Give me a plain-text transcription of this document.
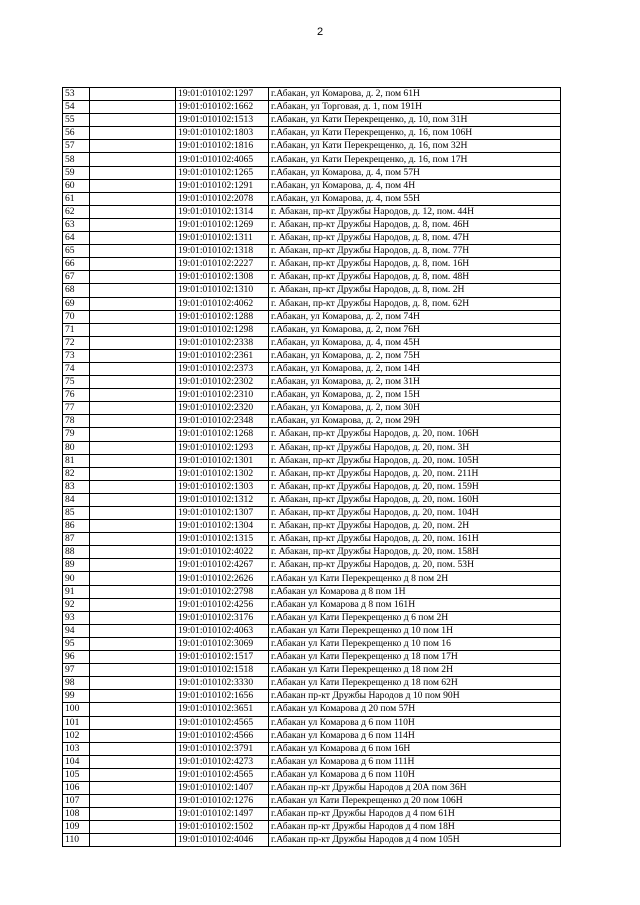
2
53		19:01:010102:1297	г.Абакан, ул Комарова, д. 2, пом 61Н
54		19:01:010102:1662	г.Абакан, ул Торговая, д. 1, пом 191Н
55		19:01:010102:1513	г.Абакан, ул Кати Перекрещенко, д. 10, пом 31Н
56		19:01:010102:1803	г.Абакан, ул Кати Перекрещенко, д. 16, пом 106Н
57		19:01:010102:1816	г.Абакан, ул Кати Перекрещенко, д. 16, пом 32Н
58		19:01:010102:4065	г.Абакан, ул Кати Перекрещенко, д. 16, пом 17Н
59		19:01:010102:1265	г.Абакан, ул Комарова, д. 4, пом 57Н
60		19:01:010102:1291	г.Абакан, ул Комарова, д. 4, пом 4Н
61		19:01:010102:2078	г.Абакан, ул Комарова, д. 4, пом 55Н
62		19:01:010102:1314	г. Абакан, пр-кт Дружбы Народов, д. 12, пом. 44Н
63		19:01:010102:1269	г. Абакан, пр-кт Дружбы Народов, д. 8, пом. 46Н
64		19:01:010102:1311	г. Абакан, пр-кт Дружбы Народов, д. 8, пом. 47Н
65		19:01:010102:1318	г. Абакан, пр-кт Дружбы Народов, д. 8, пом. 77Н
66		19:01:010102:2227	г. Абакан, пр-кт Дружбы Народов, д. 8, пом. 16Н
67		19:01:010102:1308	г. Абакан, пр-кт Дружбы Народов, д. 8, пом. 48Н
68		19:01:010102:1310	г. Абакан, пр-кт Дружбы Народов, д. 8, пом. 2Н
69		19:01:010102:4062	г. Абакан, пр-кт Дружбы Народов, д. 8, пом. 62Н
70		19:01:010102:1288	г.Абакан, ул Комарова, д. 2, пом 74Н
71		19:01:010102:1298	г.Абакан, ул Комарова, д. 2, пом 76Н
72		19:01:010102:2338	г.Абакан, ул Комарова, д. 4, пом 45Н
73		19:01:010102:2361	г.Абакан, ул Комарова, д. 2, пом 75Н
74		19:01:010102:2373	г.Абакан, ул Комарова, д. 2, пом 14Н
75		19:01:010102:2302	г.Абакан, ул Комарова, д. 2, пом 31Н
76		19:01:010102:2310	г.Абакан, ул Комарова, д. 2, пом 15Н
77		19:01:010102:2320	г.Абакан, ул Комарова, д. 2, пом 30Н
78		19:01:010102:2348	г.Абакан, ул Комарова, д. 2, пом 29Н
79		19:01:010102:1268	г. Абакан, пр-кт Дружбы Народов, д. 20, пом. 106Н
80		19:01:010102:1293	г. Абакан, пр-кт Дружбы Народов, д. 20, пом. 3Н
81		19:01:010102:1301	г. Абакан, пр-кт Дружбы Народов, д. 20, пом. 105Н
82		19:01:010102:1302	г. Абакан, пр-кт Дружбы Народов, д. 20, пом. 211Н
83		19:01:010102:1303	г. Абакан, пр-кт Дружбы Народов, д. 20, пом. 159Н
84		19:01:010102:1312	г. Абакан, пр-кт Дружбы Народов, д. 20, пом. 160Н
85		19:01:010102:1307	г. Абакан, пр-кт Дружбы Народов, д. 20, пом. 104Н
86		19:01:010102:1304	г. Абакан, пр-кт Дружбы Народов, д. 20, пом. 2Н
87		19:01:010102:1315	г. Абакан, пр-кт Дружбы Народов, д. 20, пом. 161Н
88		19:01:010102:4022	г. Абакан, пр-кт Дружбы Народов, д. 20, пом. 158Н
89		19:01:010102:4267	г. Абакан, пр-кт Дружбы Народов, д. 20, пом. 53Н
90		19:01:010102:2626	г.Абакан ул Кати Перекрещенко д 8 пом 2Н
91		19:01:010102:2798	г.Абакан ул Комарова д 8 пом 1Н
92		19:01:010102:4256	г.Абакан ул Комарова д 8 пом 161Н
93		19:01:010102:3176	г.Абакан ул Кати Перекрещенко д 6 пом 2Н
94		19:01:010102:4063	г.Абакан ул Кати Перекрещенко д 10 пом 1Н
95		19:01:010102:3069	г.Абакан ул Кати Перекрещенко д 10 пом 16
96		19:01:010102:1517	г.Абакан ул Кати Перекрещенко д 18 пом 17Н
97		19:01:010102:1518	г.Абакан ул Кати Перекрещенко д 18 пом 2Н
98		19:01:010102:3330	г.Абакан ул Кати Перекрещенко д 18 пом 62Н
99		19:01:010102:1656	г.Абакан пр-кт Дружбы Народов д 10 пом 90Н
100		19:01:010102:3651	г.Абакан ул Комарова д 20 пом 57Н
101		19:01:010102:4565	г.Абакан ул Комарова д 6 пом 110Н
102		19:01:010102:4566	г.Абакан ул Комарова д 6 пом 114Н
103		19:01:010102:3791	г.Абакан ул Комарова д 6 пом 16Н
104		19:01:010102:4273	г.Абакан ул Комарова д 6 пом 111Н
105		19:01:010102:4565	г.Абакан ул Комарова д 6 пом 110Н
106		19:01:010102:1407	г.Абакан пр-кт Дружбы Народов д 20А пом 36Н
107		19:01:010102:1276	г.Абакан ул Кати Перекрещенко д 20 пом 106Н
108		19:01:010102:1497	г.Абакан пр-кт Дружбы Народов д 4 пом 61Н
109		19:01:010102:1502	г.Абакан пр-кт Дружбы Народов д 4 пом 18Н
110		19:01:010102:4046	г.Абакан пр-кт Дружбы Народов д 4 пом 105Н
